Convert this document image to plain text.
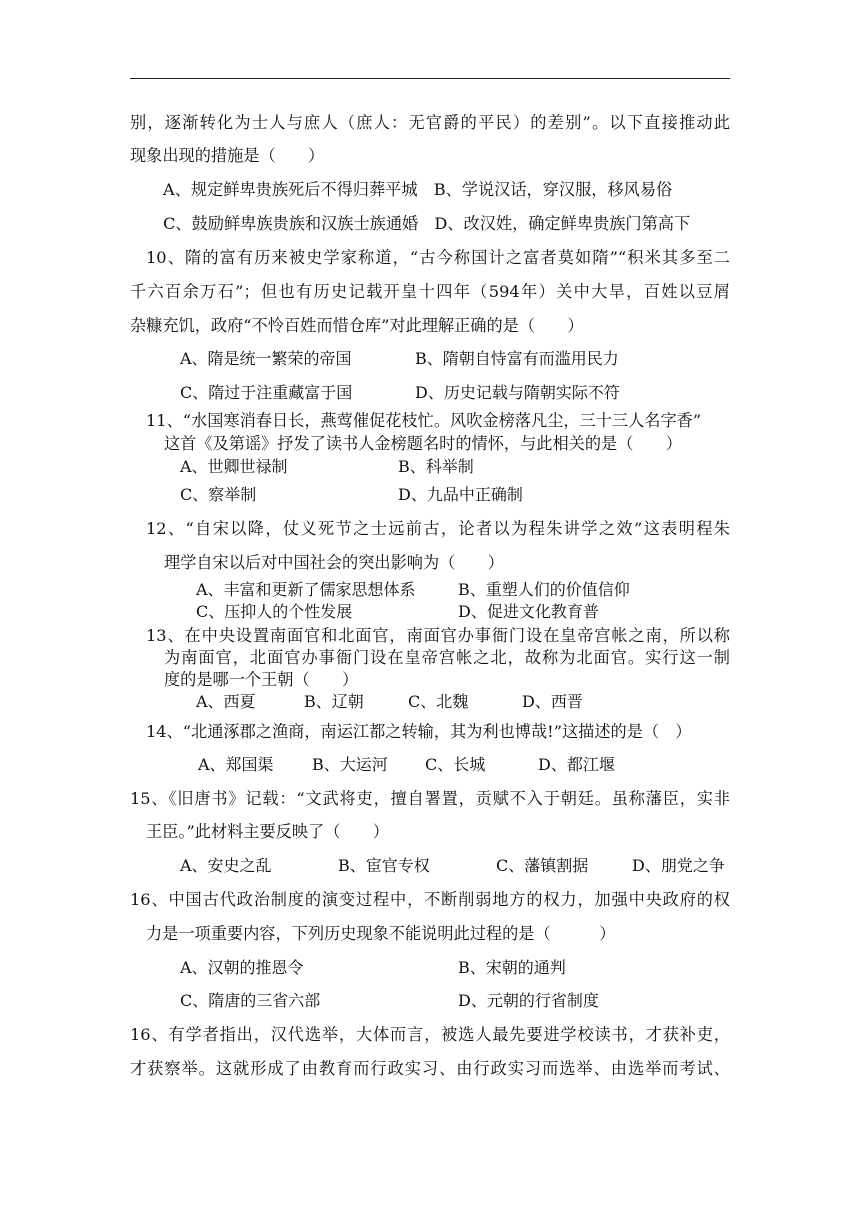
别，逐渐转化为士人与庶人（庶人：无官爵的平民）的差别”。以下直接推动此
现象出现的措施是（　　）
A、规定鲜卑贵族死后不得归葬平城　B、学说汉话，穿汉服，移风易俗
C、鼓励鲜卑族贵族和汉族士族通婚　D、改汉姓，确定鲜卑贵族门第高下
10、隋的富有历来被史学家称道，“古今称国计之富者莫如隋”“积米其多至二
千六百余万石”；但也有历史记载开皇十四年（594年）关中大旱，百姓以豆屑
杂糠充饥，政府“不怜百姓而惜仓库”对此理解正确的是（　　）
A、隋是统一繁荣的帝国	B、隋朝自恃富有而滥用民力
C、隋过于注重藏富于国	D、历史记载与隋朝实际不符
11、“水国寒消春日长，燕莺催促花枝忙。风吹金榜落凡尘，三十三人名字香”
这首《及第谣》抒发了读书人金榜题名时的情怀，与此相关的是（　　）
A、世卿世禄制	B、科举制
C、察举制	D、九品中正确制
12、“自宋以降，仗义死节之士远前古，论者以为程朱讲学之效”这表明程朱
理学自宋以后对中国社会的突出影响为（　　）
A、丰富和更新了儒家思想体系	B、重塑人们的价值信仰
C、压抑人的个性发展	D、促进文化教育普
13、在中央设置南面官和北面官，南面官办事衙门设在皇帝宫帐之南，所以称
为南面官，北面官办事衙门设在皇帝宫帐之北，故称为北面官。实行这一制
度的是哪一个王朝（　　）
A、西夏	B、辽朝	C、北魏	D、西晋
14、“北通涿郡之渔商，南运江都之转输，其为利也博哉!”这描述的是（　）
A、郑国渠 B、大运河 C、长城	D、都江堰
15、《旧唐书》记载：“文武将吏，擅自署置，贡赋不入于朝廷。虽称藩臣，实非
王臣。”此材料主要反映了（　　）
A、安史之乱	B、宦官专权	C、藩镇割据	D、朋党之争
16、中国古代政治制度的演变过程中，不断削弱地方的权力，加强中央政府的权
力是一项重要内容，下列历史现象不能说明此过程的是（　　　）
A、汉朝的推恩令	B、宋朝的通判
C、隋唐的三省六部	D、元朝的行省制度
16、有学者指出，汉代选举，大体而言，被选人最先要进学校读书，才获补吏，
才获察举。这就形成了由教育而行政实习、由行政实习而选举、由选举而考试、
